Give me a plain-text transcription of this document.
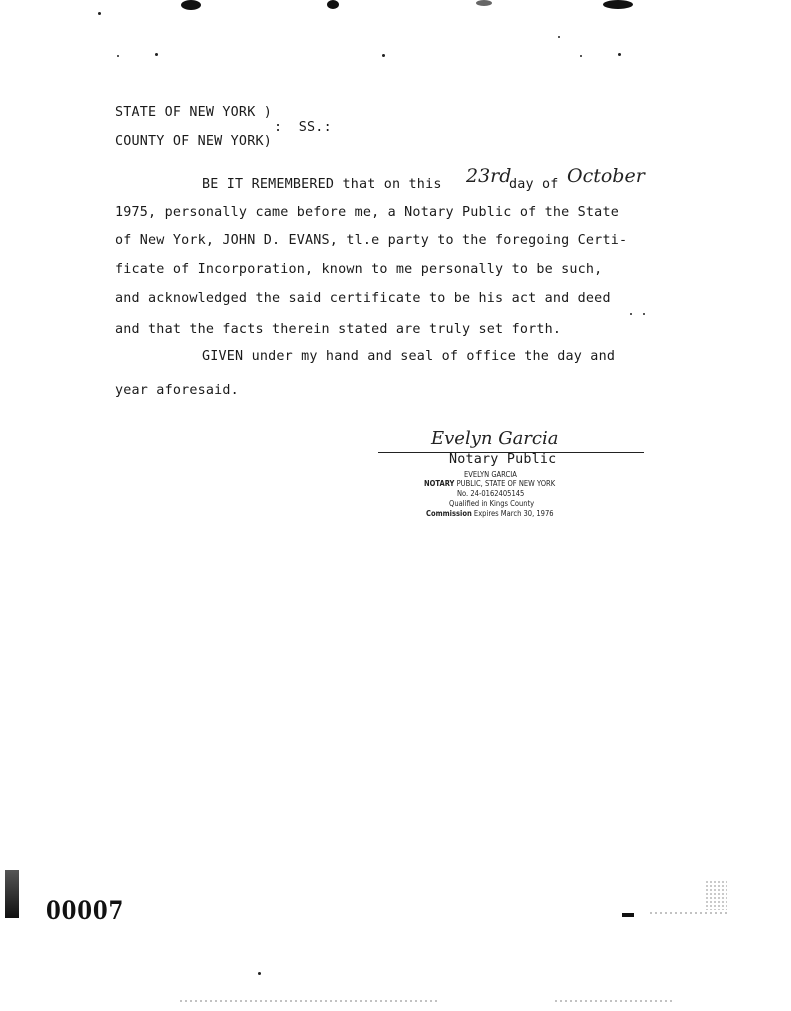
STATE OF NEW YORK )
:  SS.:
COUNTY OF NEW YORK)
BE IT REMEMBERED that on this 23rd
day of October
1975, personally came before me, a Notary Public of the State
of New York, JOHN D. EVANS, tl.e party to the foregoing Certi-
ficate of Incorporation, known to me personally to be such,
and acknowledged the said certificate to be his act and deed
and that the facts therein stated are truly set forth.
GIVEN under my hand and seal of office the day and
year aforesaid.
Evelyn Garcia
Notary Public
EVELYN GARCIA
NOTARY PUBLIC, STATE OF NEW YORK
No. 24-0162405145
Qualified in Kings County
Commission Expires March 30, 1976
00007
